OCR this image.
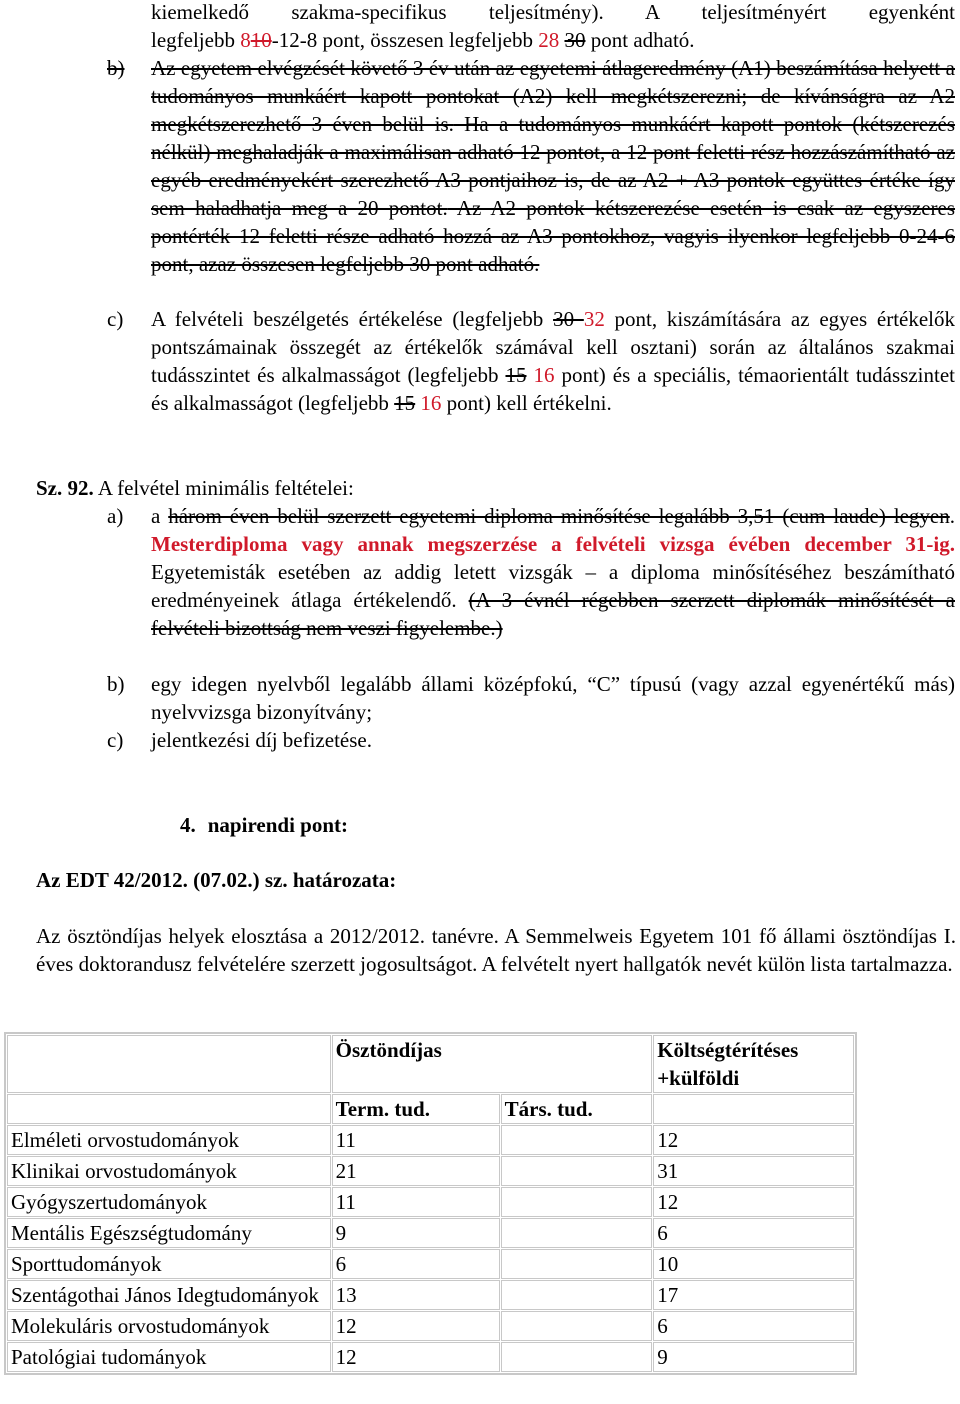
kiemelkedő szakma-specifikus teljesítmény). A teljesítményért egyenként
legfeljebb 810-12-8 pont, összesen legfeljebb 28 30 pont adható.
b)	Az egyetem elvégzését követő 3 év után az egyetemi átlageredmény (A1) beszámítása helyett a tudományos munkáért kapott pontokat (A2) kell megkétszerezni; de kívánságra az A2 megkétszerezhető 3 éven belül is. Ha a tudományos munkáért kapott pontok (kétszerezés nélkül) meghaladják a maximálisan adható 12 pontot, a 12 pont feletti rész hozzászámítható az egyéb eredményekért szerezhető A3 pontjaihoz is, de az A2 + A3 pontok együttes értéke így sem haladhatja meg a 20 pontot. Az A2 pontok kétszerezése esetén is csak az egyszeres pontérték 12 feletti része adható hozzá az A3 pontokhoz, vagyis ilyenkor legfeljebb 0-24-6 pont, azaz összesen legfeljebb 30 pont adható.
c)	A felvételi beszélgetés értékelése (legfeljebb 30 32 pont, kiszámítására az egyes értékelők pontszámainak összegét az értékelők számával kell osztani) során az általános szakmai tudásszintet és alkalmasságot (legfeljebb 15 16 pont) és a speciális, témaorientált tudásszintet és alkalmasságot (legfeljebb 15 16 pont) kell értékelni.
Sz. 92. A felvétel minimális feltételei:
a)	a három éven belül szerzett egyetemi diploma minősítése legalább 3,51 (cum laude) legyen. Mesterdiploma vagy annak megszerzése a felvételi vizsga évében december 31-ig. Egyetemisták esetében az addig letett vizsgák – a diploma minősítéséhez beszámítható eredményeinek átlaga értékelendő. (A 3 évnél régebben szerzett diplomák minősítését a felvételi bizottság nem veszi figyelembe.)
b)	egy idegen nyelvből legalább állami középfokú, “C” típusú (vagy azzal egyenértékű más) nyelvvizsga bizonyítvány;
c)	jelentkezési díj befizetése.
4. napirendi pont:
Az EDT 42/2012. (07.02.) sz. határozata:
Az ösztöndíjas helyek elosztása a 2012/2012. tanévre. A Semmelweis Egyetem 101 fő állami ösztöndíjas I. éves doktorandusz felvételére szerzett jogosultságot. A felvételt nyert hallgatók nevét külön lista tartalmazza.
	Ösztöndíjas		Költségtérítéses +külföldi
	Term. tud.	Társ. tud.	
Elméleti orvostudományok	11		12
Klinikai orvostudományok	21		31
Gyógyszertudományok	11		12
Mentális Egészségtudomány	9		6
Sporttudományok	6		10
Szentágothai János Idegtudományok	13		17
Molekuláris orvostudományok	12		6
Patológiai tudományok	12		9
